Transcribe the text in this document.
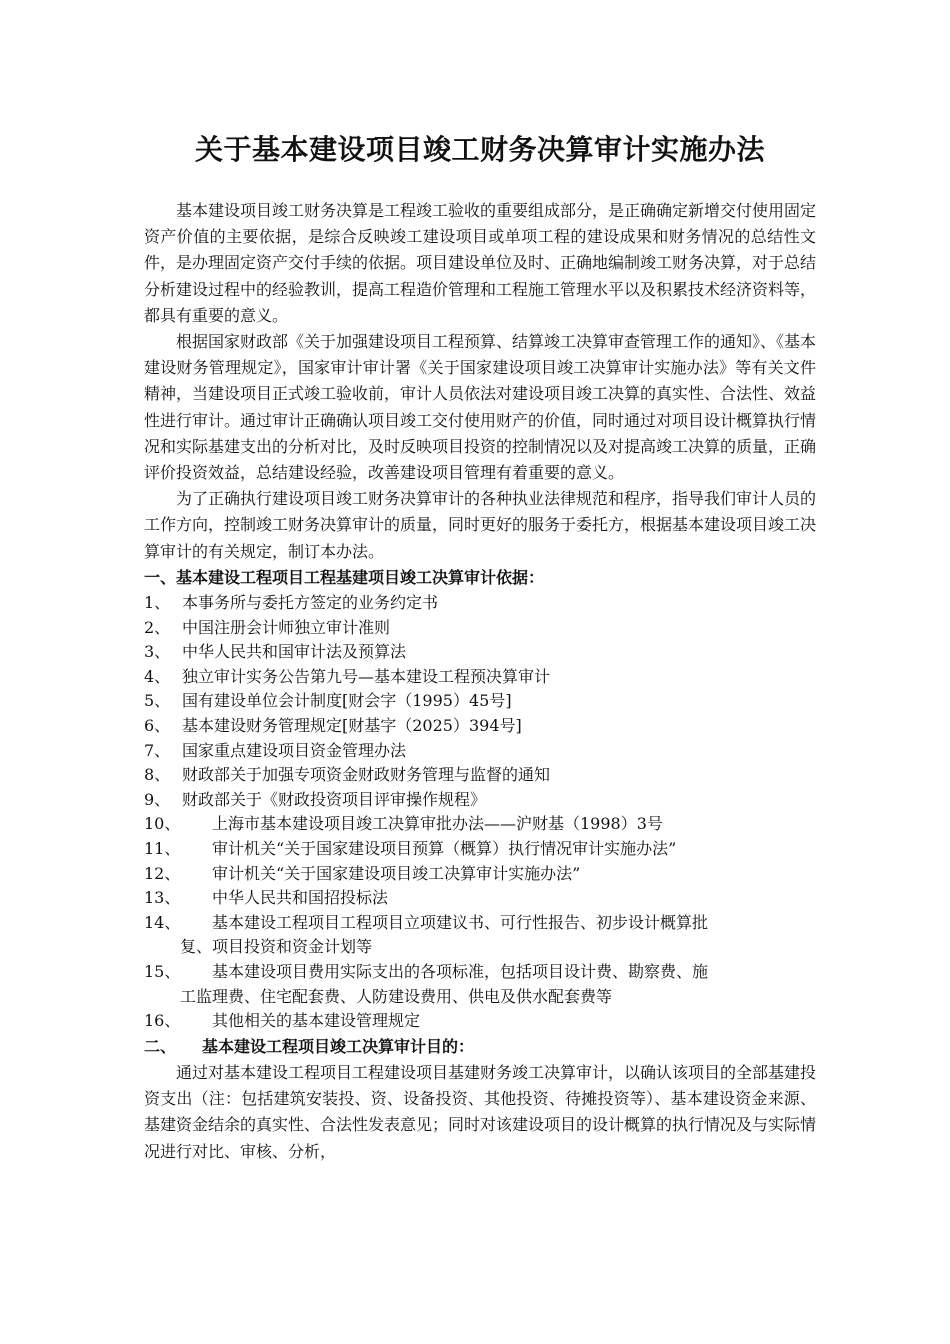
关于基本建设项目竣工财务决算审计实施办法

基本建设项目竣工财务决算是工程竣工验收的重要组成部分，是正确确定新增交付使用固定资产价值的主要依据，是综合反映竣工建设项目或单项工程的建设成果和财务情况的总结性文件，是办理固定资产交付手续的依据。项目建设单位及时、正确地编制竣工财务决算，对于总结分析建设过程中的经验教训，提高工程造价管理和工程施工管理水平以及积累技术经济资料等，都具有重要的意义。

根据国家财政部《关于加强建设项目工程预算、结算竣工决算审查管理工作的通知》、《基本建设财务管理规定》，国家审计审计署《关于国家建设项目竣工决算审计实施办法》等有关文件精神，当建设项目正式竣工验收前，审计人员依法对建设项目竣工决算的真实性、合法性、效益性进行审计。通过审计正确确认项目竣工交付使用财产的价值，同时通过对项目设计概算执行情况和实际基建支出的分析对比，及时反映项目投资的控制情况以及对提高竣工决算的质量，正确评价投资效益，总结建设经验，改善建设项目管理有着重要的意义。

为了正确执行建设项目竣工财务决算审计的各种执业法律规范和程序，指导我们审计人员的工作方向，控制竣工财务决算审计的质量，同时更好的服务于委托方，根据基本建设项目竣工决算审计的有关规定，制订本办法。

一、基本建设工程项目工程基建项目竣工决算审计依据：

1、 本事务所与委托方签定的业务约定书
2、 中国注册会计师独立审计准则
3、 中华人民共和国审计法及预算法
4、 独立审计实务公告第九号—基本建设工程预决算审计
5、 国有建设单位会计制度[财会字（1995）45号]
6、 基本建设财务管理规定[财基字（2025）394号]
7、 国家重点建设项目资金管理办法
8、 财政部关于加强专项资金财政财务管理与监督的通知
9、 财政部关于《财政投资项目评审操作规程》
10、 上海市基本建设项目竣工决算审批办法——沪财基（1998）3号
11、 审计机关“关于国家建设项目预算（概算）执行情况审计实施办法”
12、 审计机关“关于国家建设项目竣工决算审计实施办法”
13、 中华人民共和国招投标法
14、 基本建设工程项目工程项目立项建议书、可行性报告、初步设计概算批
复、项目投资和资金计划等
15、 基本建设项目费用实际支出的各项标准，包括项目设计费、勘察费、施
工监理费、住宅配套费、人防建设费用、供电及供水配套费等
16、 其他相关的基本建设管理规定

二、 基本建设工程项目竣工决算审计目的：

通过对基本建设工程项目工程建设项目基建财务竣工决算审计，以确认该项目的全部基建投资支出（注：包括建筑安装投、资、设备投资、其他投资、待摊投资等）、基本建设资金来源、基建资金结余的真实性、合法性发表意见；同时对该建设项目的设计概算的执行情况及与实际情况进行对比、审核、分析，
